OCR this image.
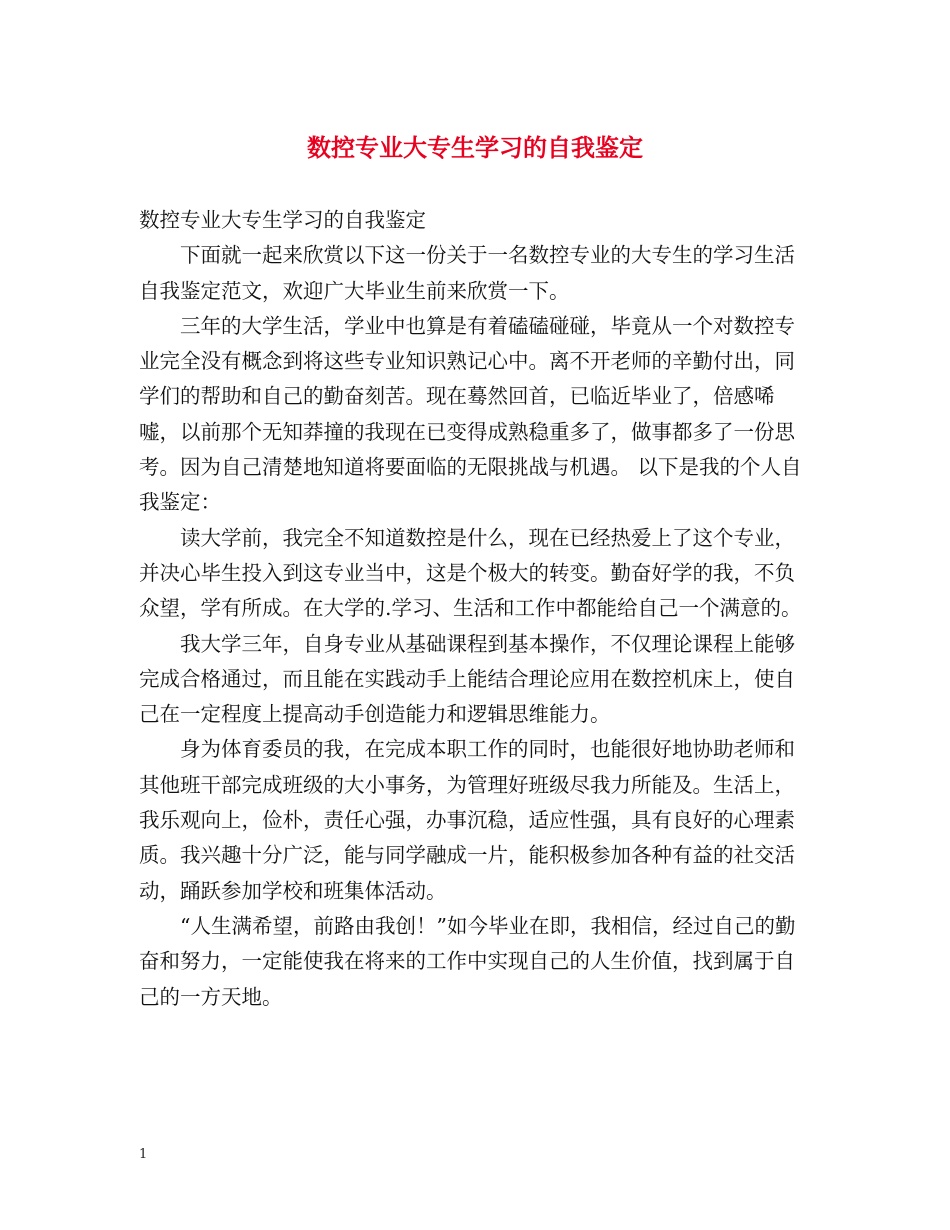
数控专业大专生学习的自我鉴定

数控专业大专生学习的自我鉴定

下面就一起来欣赏以下这一份关于一名数控专业的大专生的学习生活自我鉴定范文，欢迎广大毕业生前来欣赏一下。

三年的大学生活，学业中也算是有着磕磕碰碰，毕竟从一个对数控专业完全没有概念到将这些专业知识熟记心中。离不开老师的辛勤付出，同学们的帮助和自己的勤奋刻苦。现在蓦然回首，已临近毕业了，倍感唏嘘，以前那个无知莽撞的我现在已变得成熟稳重多了，做事都多了一份思考。因为自己清楚地知道将要面临的无限挑战与机遇。 以下是我的个人自我鉴定：

读大学前，我完全不知道数控是什么，现在已经热爱上了这个专业，并决心毕生投入到这专业当中，这是个极大的转变。勤奋好学的我，不负众望，学有所成。在大学的.学习、生活和工作中都能给自己一个满意的。

我大学三年，自身专业从基础课程到基本操作，不仅理论课程上能够完成合格通过，而且能在实践动手上能结合理论应用在数控机床上，使自己在一定程度上提高动手创造能力和逻辑思维能力。

身为体育委员的我，在完成本职工作的同时，也能很好地协助老师和其他班干部完成班级的大小事务，为管理好班级尽我力所能及。生活上，我乐观向上，俭朴，责任心强，办事沉稳，适应性强，具有良好的心理素质。我兴趣十分广泛，能与同学融成一片，能积极参加各种有益的社交活动，踊跃参加学校和班集体活动。

“人生满希望，前路由我创！”如今毕业在即，我相信，经过自己的勤奋和努力，一定能使我在将来的工作中实现自己的人生价值，找到属于自己的一方天地。

1
